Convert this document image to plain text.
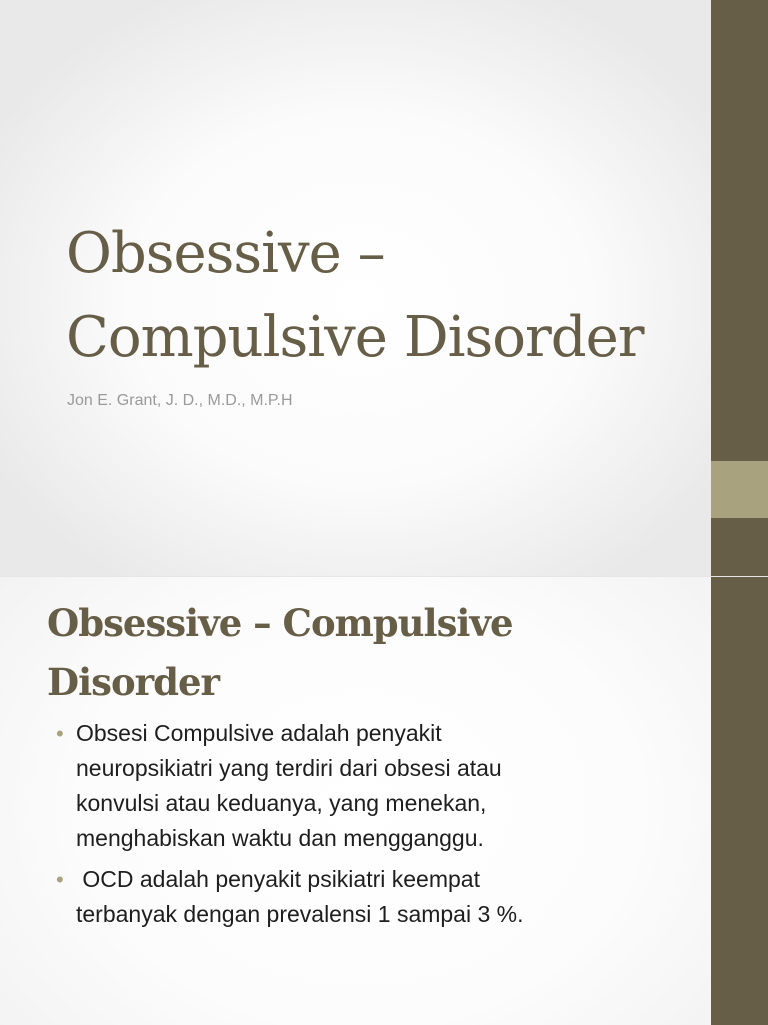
Obsessive –
Compulsive Disorder

Jon E. Grant, J. D., M.D., M.P.H

Obsessive – Compulsive
Disorder
• Obsesi Compulsive adalah penyakit
neuropsikiatri yang terdiri dari obsesi atau
konvulsi atau keduanya, yang menekan,
menghabiskan waktu dan mengganggu.
• OCD adalah penyakit psikiatri keempat
terbanyak dengan prevalensi 1 sampai 3 %.
